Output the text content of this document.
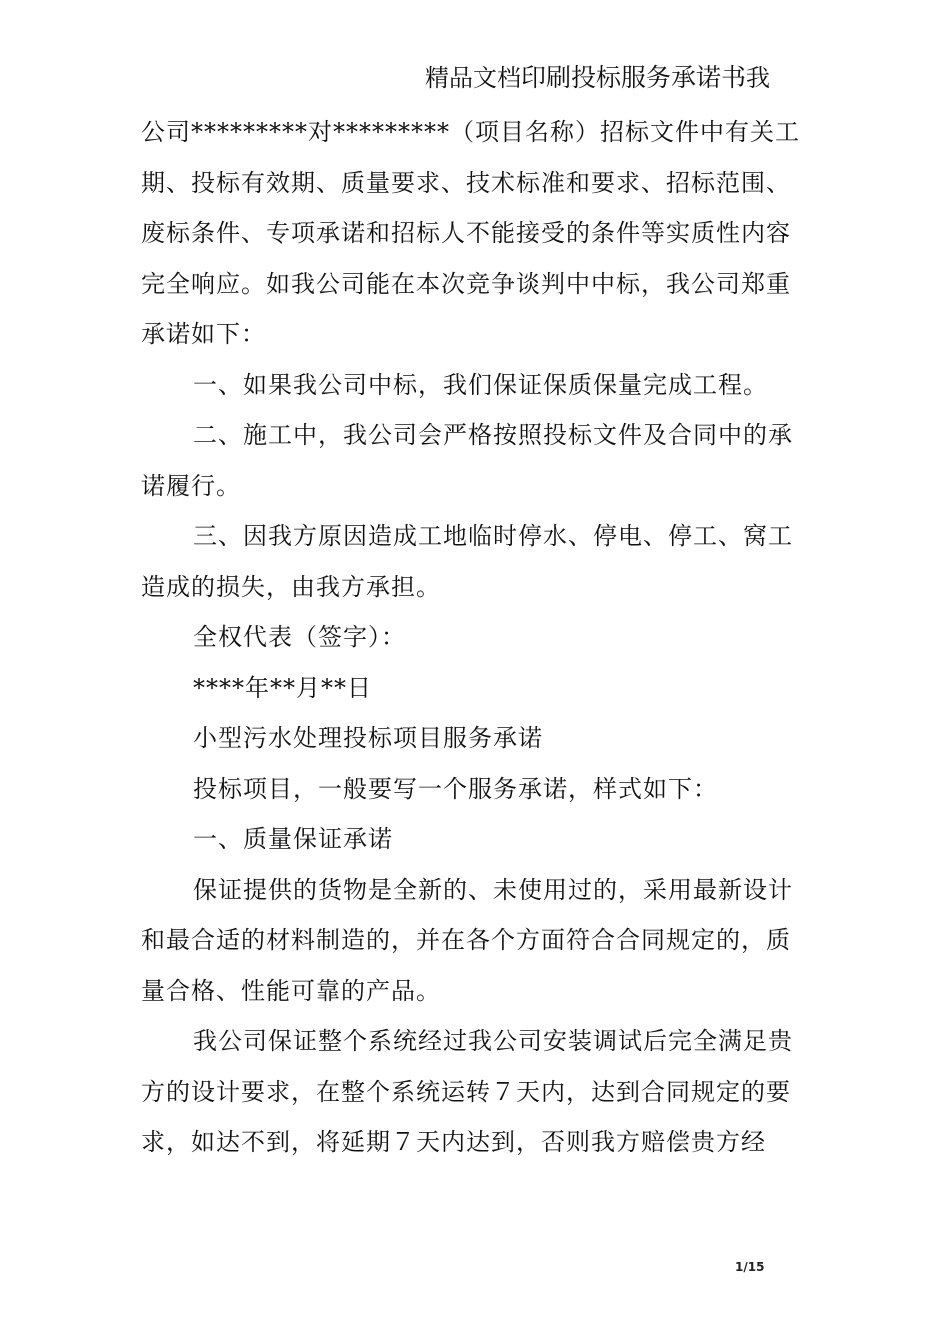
精品文档印刷投标服务承诺书我

公司*********对*********（项目名称）招标文件中有关工期、投标有效期、质量要求、技术标准和要求、招标范围、废标条件、专项承诺和招标人不能接受的条件等实质性内容完全响应。如我公司能在本次竞争谈判中中标，我公司郑重承诺如下：

一、如果我公司中标，我们保证保质保量完成工程。

二、施工中，我公司会严格按照投标文件及合同中的承诺履行。

三、因我方原因造成工地临时停水、停电、停工、窝工造成的损失，由我方承担。

全权代表（签字）：

****年**月**日

小型污水处理投标项目服务承诺

投标项目，一般要写一个服务承诺，样式如下：

一、质量保证承诺

保证提供的货物是全新的、未使用过的，采用最新设计和最合适的材料制造的，并在各个方面符合合同规定的，质量合格、性能可靠的产品。

我公司保证整个系统经过我公司安装调试后完全满足贵方的设计要求，在整个系统运转７天内，达到合同规定的要求，如达不到，将延期７天内达到，否则我方赔偿贵方经

1/15
